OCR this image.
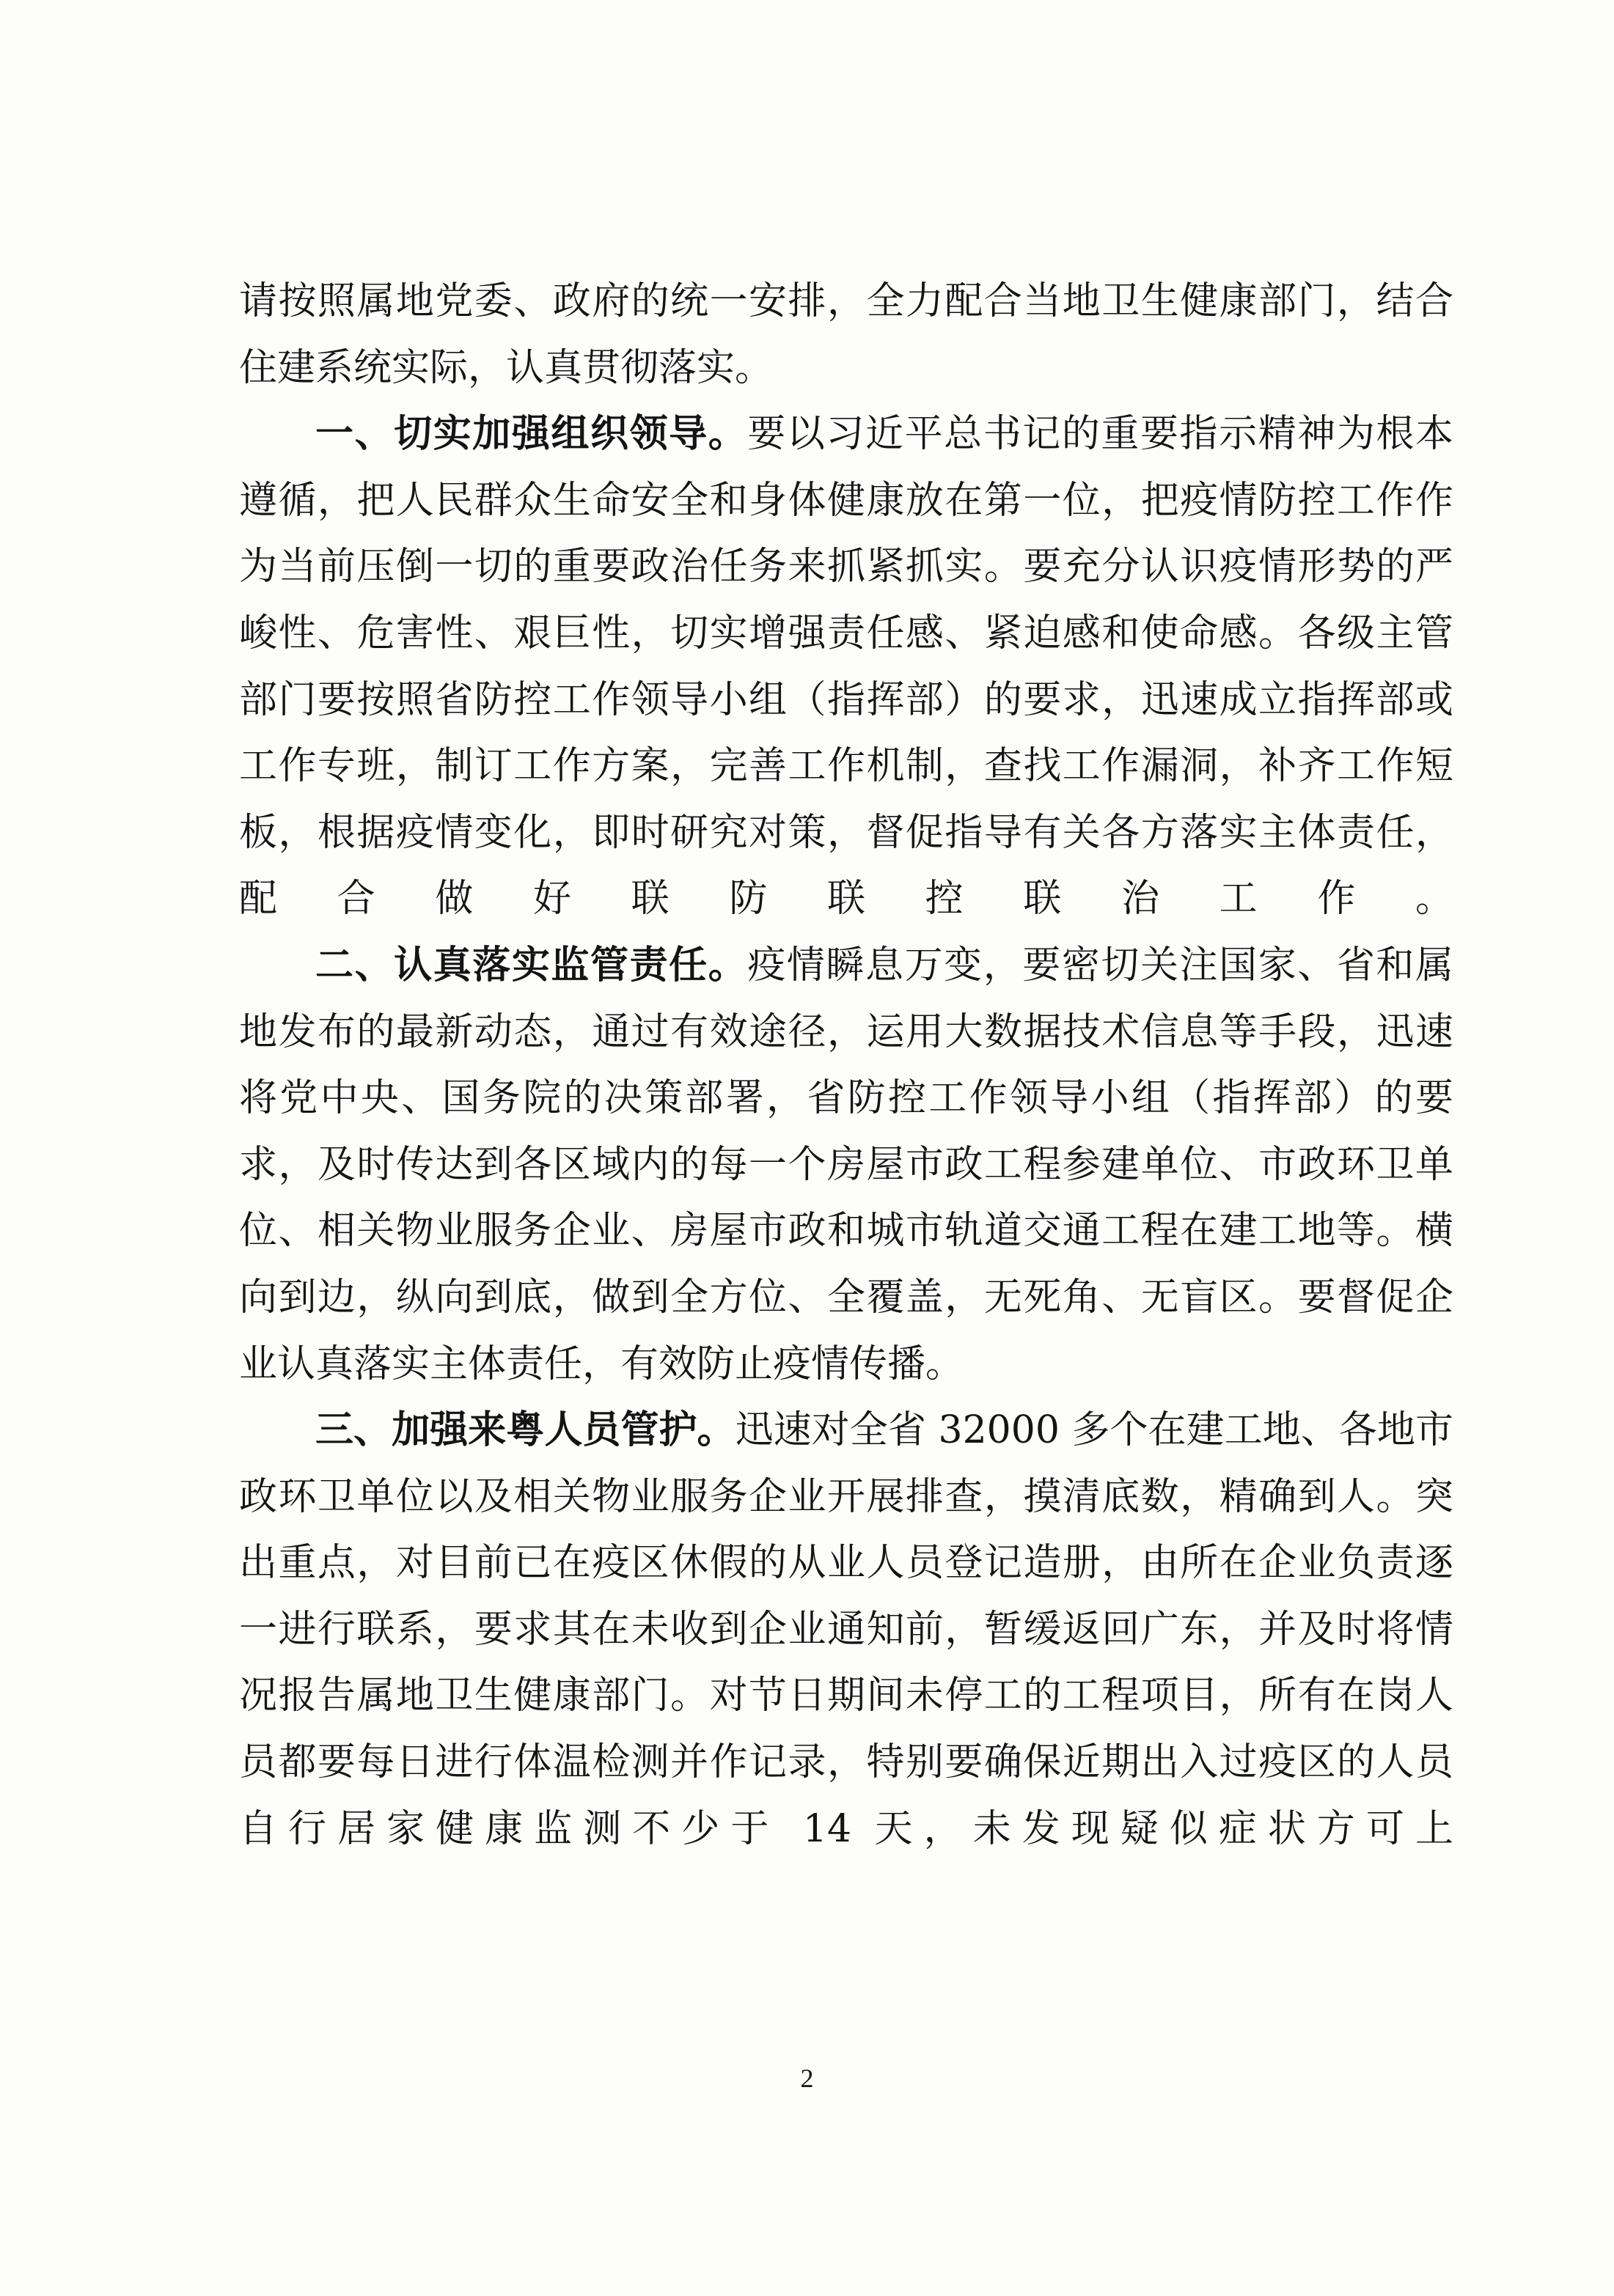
请按照属地党委、政府的统一安排，全力配合当地卫生健康部门，结合住建系统实际，认真贯彻落实。

一、切实加强组织领导。要以习近平总书记的重要指示精神为根本遵循，把人民群众生命安全和身体健康放在第一位，把疫情防控工作作为当前压倒一切的重要政治任务来抓紧抓实。要充分认识疫情形势的严峻性、危害性、艰巨性，切实增强责任感、紧迫感和使命感。各级主管部门要按照省防控工作领导小组（指挥部）的要求，迅速成立指挥部或工作专班，制订工作方案，完善工作机制，查找工作漏洞，补齐工作短板，根据疫情变化，即时研究对策，督促指导有关各方落实主体责任，配合做好联防联控联治工作。

二、认真落实监管责任。疫情瞬息万变，要密切关注国家、省和属地发布的最新动态，通过有效途径，运用大数据技术信息等手段，迅速将党中央、国务院的决策部署，省防控工作领导小组（指挥部）的要求，及时传达到各区域内的每一个房屋市政工程参建单位、市政环卫单位、相关物业服务企业、房屋市政和城市轨道交通工程在建工地等。横向到边，纵向到底，做到全方位、全覆盖，无死角、无盲区。要督促企业认真落实主体责任，有效防止疫情传播。

三、加强来粤人员管护。迅速对全省 32000 多个在建工地、各地市政环卫单位以及相关物业服务企业开展排查，摸清底数，精确到人。突出重点，对目前已在疫区休假的从业人员登记造册，由所在企业负责逐一进行联系，要求其在未收到企业通知前，暂缓返回广东，并及时将情况报告属地卫生健康部门。对节日期间未停工的工程项目，所有在岗人员都要每日进行体温检测并作记录，特别要确保近期出入过疫区的人员自行居家健康监测不少于 14 天，未发现疑似症状方可上

2
